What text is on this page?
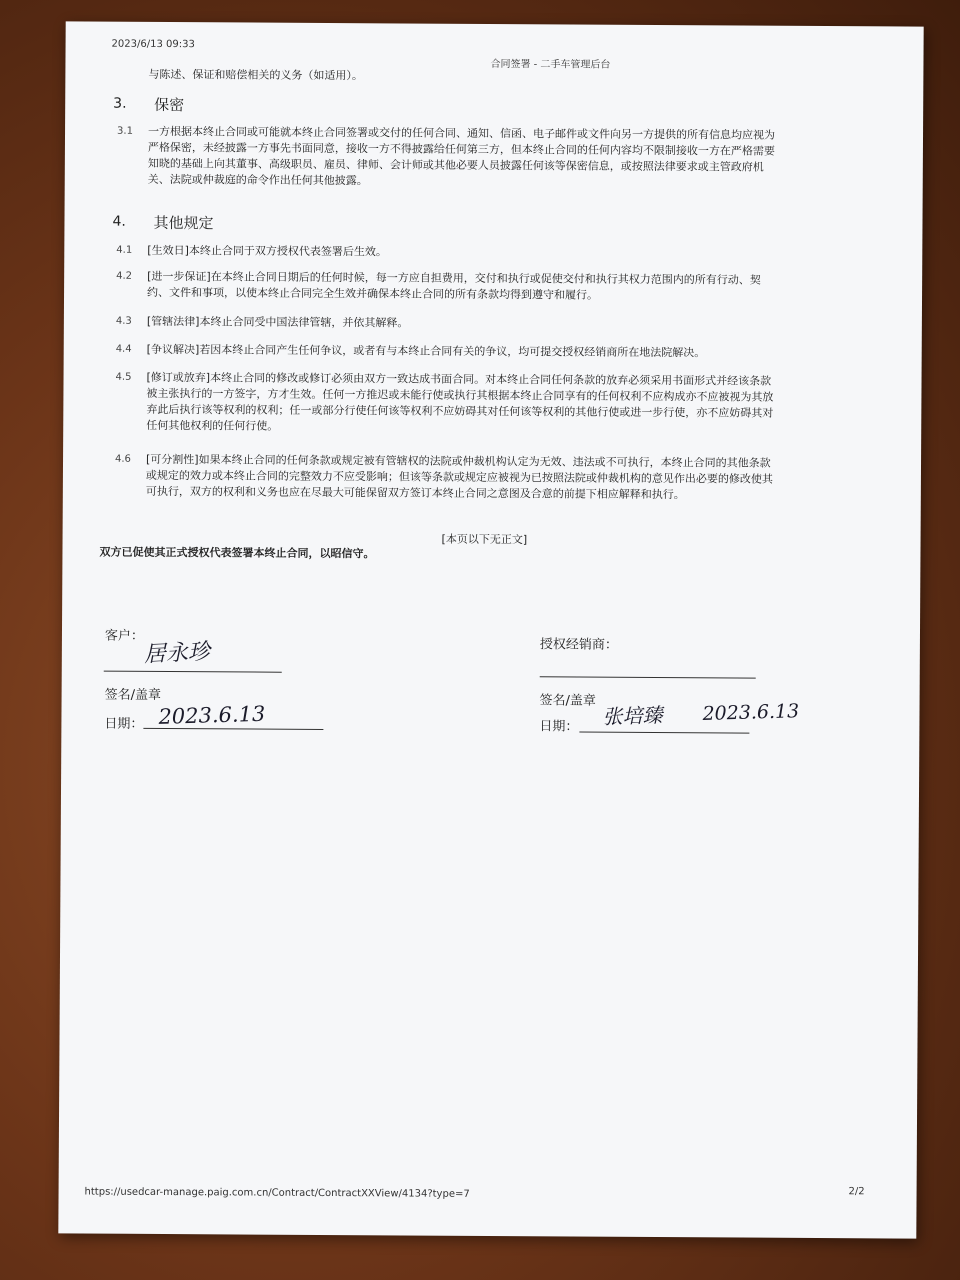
2023/6/13 09:33
合同签署 - 二手车管理后台
与陈述、保证和赔偿相关的义务（如适用）。
3. 保密
3.1 一方根据本终止合同或可能就本终止合同签署或交付的任何合同、通知、信函、电子邮件或文件向另一方提供的所有信息均应视为
严格保密，未经披露一方事先书面同意，接收一方不得披露给任何第三方，但本终止合同的任何内容均不限制接收一方在严格需要
知晓的基础上向其董事、高级职员、雇员、律师、会计师或其他必要人员披露任何该等保密信息，或按照法律要求或主管政府机
关、法院或仲裁庭的命令作出任何其他披露。
4. 其他规定
4.1 [生效日]本终止合同于双方授权代表签署后生效。
4.2 [进一步保证]在本终止合同日期后的任何时候，每一方应自担费用，交付和执行或促使交付和执行其权力范围内的所有行动、契
约、文件和事项，以使本终止合同完全生效并确保本终止合同的所有条款均得到遵守和履行。
4.3 [管辖法律]本终止合同受中国法律管辖，并依其解释。
4.4 [争议解决]若因本终止合同产生任何争议，或者有与本终止合同有关的争议，均可提交授权经销商所在地法院解决。
4.5 [修订或放弃]本终止合同的修改或修订必须由双方一致达成书面合同。对本终止合同任何条款的放弃必须采用书面形式并经该条款
被主张执行的一方签字，方才生效。任何一方推迟或未能行使或执行其根据本终止合同享有的任何权利不应构成亦不应被视为其放
弃此后执行该等权利的权利；任一或部分行使任何该等权利不应妨碍其对任何该等权利的其他行使或进一步行使，亦不应妨碍其对
任何其他权利的任何行使。
4.6 [可分割性]如果本终止合同的任何条款或规定被有管辖权的法院或仲裁机构认定为无效、违法或不可执行，本终止合同的其他条款
或规定的效力或本终止合同的完整效力不应受影响；但该等条款或规定应被视为已按照法院或仲裁机构的意见作出必要的修改使其
可执行，双方的权利和义务也应在尽最大可能保留双方签订本终止合同之意图及合意的前提下相应解释和执行。
[本页以下无正文]
双方已促使其正式授权代表签署本终止合同，以昭信守。
客户：
居永珍
签名/盖章
日期： 2023.6.13
授权经销商：
签名/盖章
日期： 张培臻 2023.6.13
https://usedcar-manage.paig.com.cn/Contract/ContractXXView/4134?type=7	2/2
